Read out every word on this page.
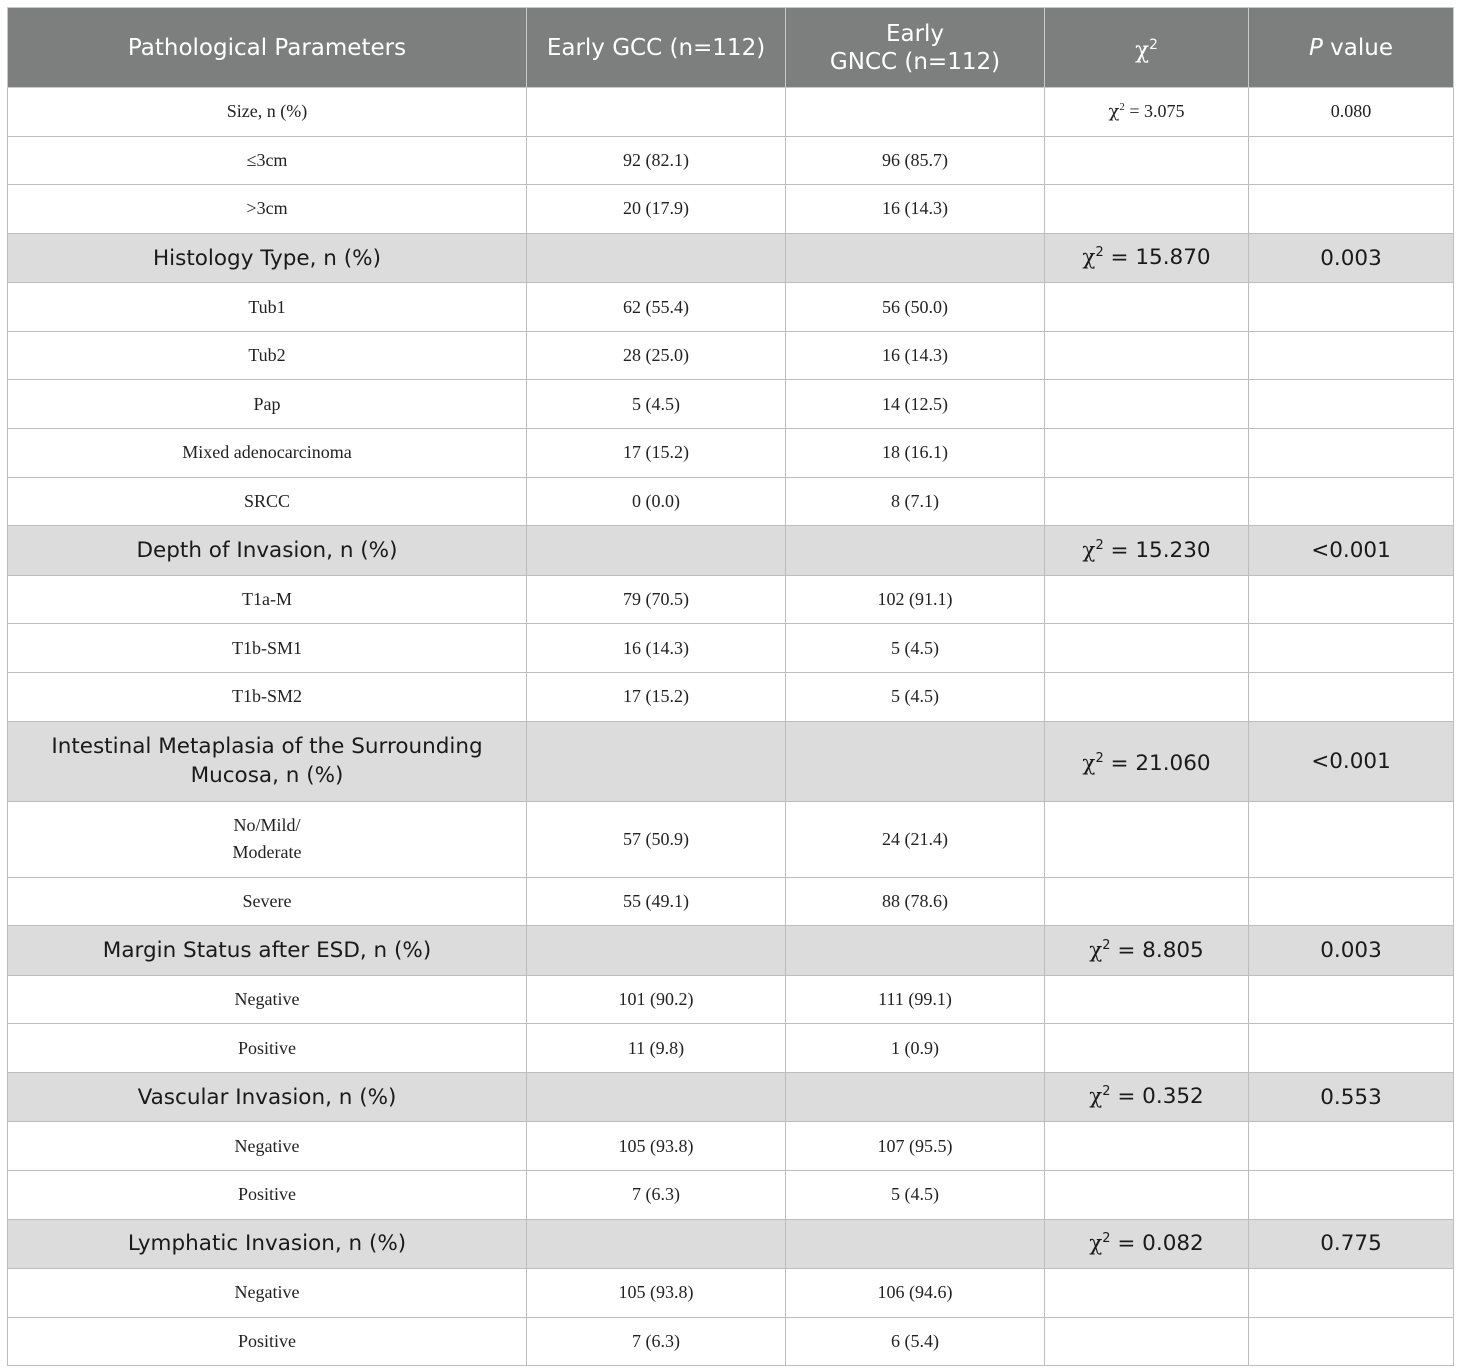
Pathological Parameters	Early GCC (n=112)	Early
GNCC (n=112)	$\chi^2$	P value
Size, n (%)			$\chi^2 = 3.075$	0.080
≤3cm	92 (82.1)	96 (85.7)		
>3cm	20 (17.9)	16 (14.3)		
Histology Type, n (%)			$\chi^2 = 15.870$	0.003
Tub1	62 (55.4)	56 (50.0)		
Tub2	28 (25.0)	16 (14.3)		
Pap	5 (4.5)	14 (12.5)		
Mixed adenocarcinoma	17 (15.2)	18 (16.1)		
SRCC	0 (0.0)	8 (7.1)		
Depth of Invasion, n (%)			$\chi^2 = 15.230$	<0.001
T1a-M	79 (70.5)	102 (91.1)		
T1b-SM1	16 (14.3)	5 (4.5)		
T1b-SM2	17 (15.2)	5 (4.5)		
Intestinal Metaplasia of the Surrounding
Mucosa, n (%)			$\chi^2 = 21.060$	<0.001
No/Mild/
Moderate	57 (50.9)	24 (21.4)		
Severe	55 (49.1)	88 (78.6)		
Margin Status after ESD, n (%)			$\chi^2 = 8.805$	0.003
Negative	101 (90.2)	111 (99.1)		
Positive	11 (9.8)	1 (0.9)		
Vascular Invasion, n (%)			$\chi^2 = 0.352$	0.553
Negative	105 (93.8)	107 (95.5)		
Positive	7 (6.3)	5 (4.5)		
Lymphatic Invasion, n (%)			$\chi^2 = 0.082$	0.775
Negative	105 (93.8)	106 (94.6)		
Positive	7 (6.3)	6 (5.4)		
